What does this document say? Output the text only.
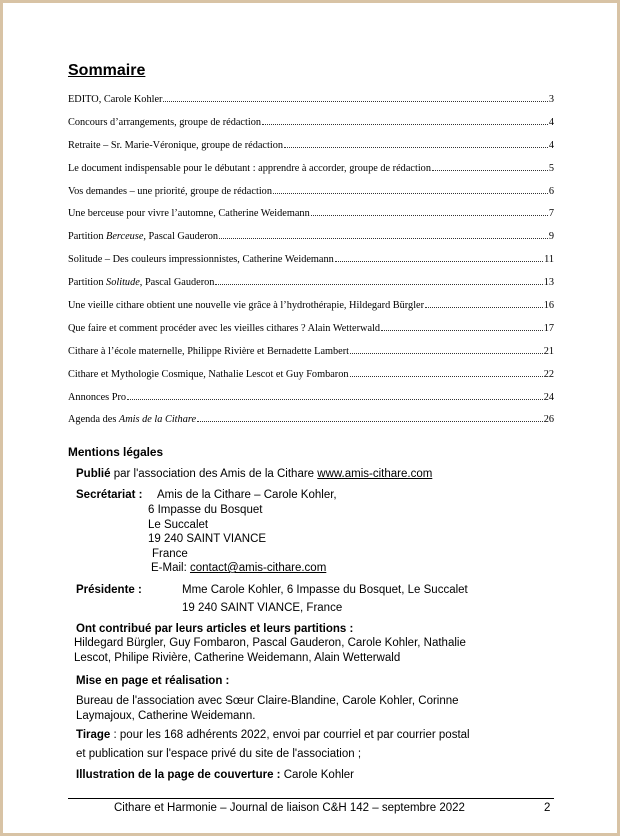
Sommaire
EDITO, Carole Kohler	3
Concours d’arrangements, groupe de rédaction	4
Retraite – Sr. Marie-Véronique, groupe de rédaction	4
Le document indispensable pour le débutant : apprendre à accorder, groupe de rédaction	5
Vos demandes – une priorité, groupe de rédaction	6
Une berceuse pour vivre l’automne, Catherine Weidemann	7
Partition Berceuse, Pascal Gauderon	9
Solitude – Des couleurs impressionnistes, Catherine Weidemann	11
Partition Solitude, Pascal Gauderon	13
Une vieille cithare obtient une nouvelle vie grâce à l’hydrothérapie, Hildegard Bürgler	16
Que faire et comment procéder avec les vieilles cithares ? Alain Wetterwald	17
Cithare à l’école maternelle, Philippe Rivière et Bernadette Lambert	21
Cithare et Mythologie Cosmique, Nathalie Lescot et Guy Fombaron	22
Annonces Pro	24
Agenda des Amis de la Cithare	26
Mentions légales
Publié par l'association des Amis de la Cithare www.amis-cithare.com
Secrétariat : Amis de la Cithare – Carole Kohler,
6 Impasse du Bosquet
Le Succalet
19 240 SAINT VIANCE
France
E-Mail: contact@amis-cithare.com
Présidente :	Mme Carole Kohler, 6 Impasse du Bosquet, Le Succalet
19 240 SAINT VIANCE, France
Ont contribué par leurs articles et leurs partitions :
Hildegard Bürgler, Guy Fombaron, Pascal Gauderon, Carole Kohler, Nathalie
Lescot, Philipe Rivière, Catherine Weidemann, Alain Wetterwald
Mise en page et réalisation :
Bureau de l'association avec Sœur Claire-Blandine, Carole Kohler, Corinne
Laymajoux, Catherine Weidemann.
Tirage : pour les 168 adhérents 2022, envoi par courriel et par courrier postal
et publication sur l'espace privé du site de l'association ;
Illustration de la page de couverture : Carole Kohler
Cithare et Harmonie – Journal de liaison C&H 142 – septembre 2022	2
